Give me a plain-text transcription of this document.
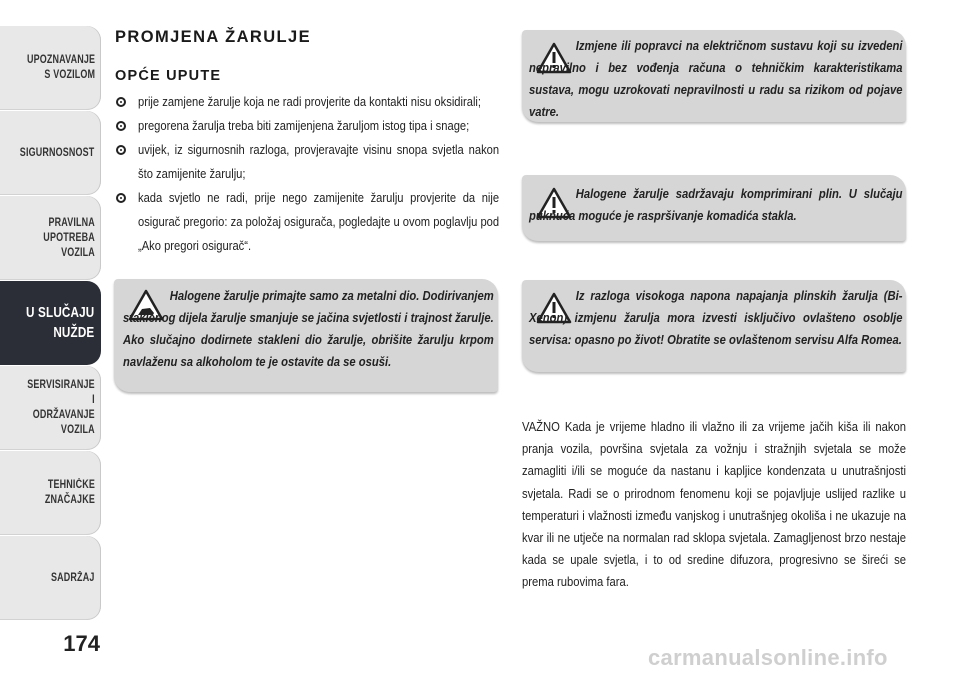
UPOZNAVANJE
S VOZILOM
SIGURNOSNOST
PRAVILNA
UPOTREBA
VOZILA
U SLUČAJU
NUŽDE
SERVISIRANJE I
ODRŽAVANJE
VOZILA
TEHNIČKE
ZNAČAJKE
SADRŽAJ
174
PROMJENA ŽARULJE
OPĆE UPUTE
prije zamjene žarulje koja ne radi provjerite da kontakti nisu oksidirali;
pregorena žarulja treba biti zamijenjena žaruljom istog tipa i snage;
uvijek, iz sigurnosnih razloga, provjeravajte visinu snopa svjetla nakon što zamijenite žarulju;
kada svjetlo ne radi, prije nego zamijenite žarulju provjerite da nije osigurač pregorio: za položaj osigurača, pogledajte u ovom poglavlju pod „Ako pregori osigurač“.
Halogene žarulje primajte samo za metalni dio. Dodirivanjem staklenog dijela žarulje smanjuje se jačina svjetlosti i trajnost žarulje. Ako slučajno dodirnete stakleni dio žarulje, obrišite žarulju krpom navlaženu sa alkoholom te je ostavite da se osuši.
Izmjene ili popravci na električnom sustavu koji su izvedeni nepravilno i bez vođenja računa o tehničkim karakteristikama sustava, mogu uzrokovati nepravilnosti u radu sa rizikom od pojave vatre.
Halogene žarulje sadržavaju komprimirani plin. U slučaju puknuća moguće je raspršivanje komadića stakla.
Iz razloga visokoga napona napajanja plinskih žarulja (Bi-Xenon) izmjenu žarulja mora izvesti isključivo ovlašteno osoblje servisa: opasno po život! Obratite se ovlaštenom servisu Alfa Romea.

VAŽNO Kada je vrijeme hladno ili vlažno ili za vrijeme jačih kiša ili nakon pranja vozila, površina svjetala za vožnju i stražnjih svjetala se može zamagliti i/ili se moguće da nastanu i kapljice kondenzata u unutrašnjosti svjetala. Radi se o prirodnom fenomenu koji se pojavljuje uslijed razlike u temperaturi i vlažnosti između vanjskog i unutrašnjeg okoliša i ne ukazuje na kvar ili ne utječe na normalan rad sklopa svjetala. Zamagljenost brzo nestaje kada se upale svjetla, i to od sredine difuzora, progresivno se šireći se prema rubovima fara.

carmanualsonline.info
